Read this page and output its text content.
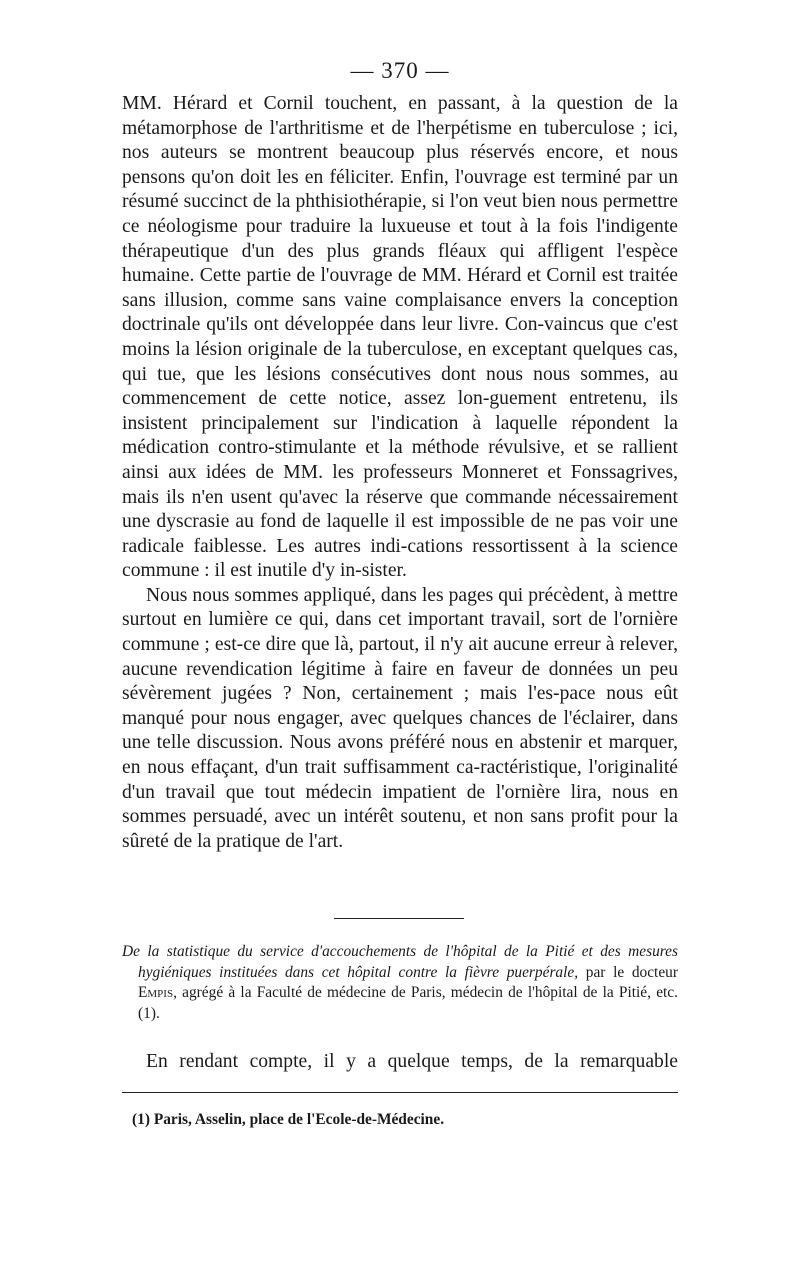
— 370 —

MM. Hérard et Cornil touchent, en passant, à la question de la métamorphose de l'arthritisme et de l'herpétisme en tuberculose ; ici, nos auteurs se montrent beaucoup plus réservés encore, et nous pensons qu'on doit les en féliciter. Enfin, l'ouvrage est terminé par un résumé succinct de la phthisiothérapie, si l'on veut bien nous permettre ce néologisme pour traduire la luxueuse et tout à la fois l'indigente thérapeutique d'un des plus grands fléaux qui affligent l'espèce humaine. Cette partie de l'ouvrage de MM. Hérard et Cornil est traitée sans illusion, comme sans vaine complaisance envers la conception doctrinale qu'ils ont développée dans leur livre. Con-vaincus que c'est moins la lésion originale de la tuberculose, en exceptant quelques cas, qui tue, que les lésions consécutives dont nous nous sommes, au commencement de cette notice, assez lon-guement entretenu, ils insistent principalement sur l'indication à laquelle répondent la médication contro-stimulante et la méthode révulsive, et se rallient ainsi aux idées de MM. les professeurs Monneret et Fonssagrives, mais ils n'en usent qu'avec la réserve que commande nécessairement une dyscrasie au fond de laquelle il est impossible de ne pas voir une radicale faiblesse. Les autres indi-cations ressortissent à la science commune : il est inutile d'y in-sister.

Nous nous sommes appliqué, dans les pages qui précèdent, à mettre surtout en lumière ce qui, dans cet important travail, sort de l'ornière commune ; est-ce dire que là, partout, il n'y ait aucune erreur à relever, aucune revendication légitime à faire en faveur de données un peu sévèrement jugées ? Non, certainement ; mais l'es-pace nous eût manqué pour nous engager, avec quelques chances de l'éclairer, dans une telle discussion. Nous avons préféré nous en abstenir et marquer, en nous effaçant, d'un trait suffisamment ca-ractéristique, l'originalité d'un travail que tout médecin impatient de l'ornière lira, nous en sommes persuadé, avec un intérêt soutenu, et non sans profit pour la sûreté de la pratique de l'art.

De la statistique du service d'accouchements de l'hôpital de la Pitié et des mesures hygiéniques instituées dans cet hôpital contre la fièvre puerpérale, par le docteur Empis, agrégé à la Faculté de médecine de Paris, médecin de l'hôpital de la Pitié, etc. (1).
En rendant compte, il y a quelque temps, de la remarquable
(1) Paris, Asselin, place de l'Ecole-de-Médecine.
